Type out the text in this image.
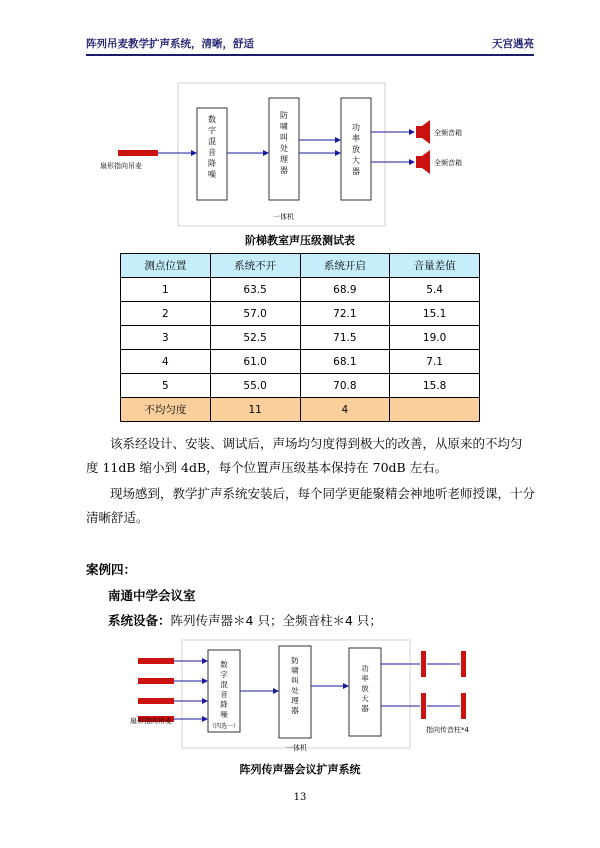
阵列吊麦教学扩声系统，清晰，舒适	天宫遇亮
扇形指向吊麦
数
字
混
音
降
噪
防
啸
叫
处
理
器
功
率
放
大
器
全频音箱
全频音箱
一体机
阶梯教室声压级测试表
测点位置	系统不开	系统开启	音量差值
1	63.5	68.9	5.4
2	57.0	72.1	15.1
3	52.5	71.5	19.0
4	61.0	68.1	7.1
5	55.0	70.8	15.8
不均匀度	11	4	
该系经设计、安装、调试后，声场均匀度得到极大的改善，从原来的不均匀
度 11dB 缩小到 4dB，每个位置声压级基本保持在 70dB 左右。
现场感到，教学扩声系统安装后，每个同学更能聚精会神地听老师授课，十分
清晰舒适。
案例四：
南通中学会议室
系统设备：阵列传声器＊4 只；全频音柱＊4 只；
扇形指向吊麦
数
字
混
音
降
噪
（四选一）
防
啸
叫
处
理
器
功
率
放
大
器
指向传音柱*4
一体机
阵列传声器会议扩声系统
13
